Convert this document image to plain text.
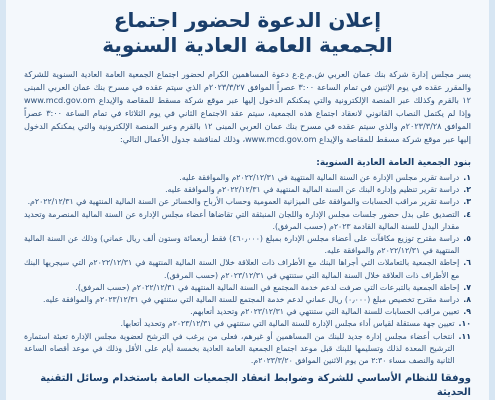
إعلان الدعوة لحضور اجتماع
الجمعية العامة العادية السنوية

يسر مجلس إدارة شركة بنك عمان العربي ش.م.ع.ع دعوة المساهمين الكرام لحضور اجتماع الجمعية العامة العادية السنوية للشركة والمقرر عقده في يوم الإثنين في تمام الساعة ٣:٠٠ عصراً الموافق ٢٠٢٣/٣/٢٧م الذي سيتم عقده في مسرح بنك عمان العربي المبنى ١٢ بالقرم وكذلك عبر المنصة الإلكترونية والتي يمكنكم الدخول إليها عبر موقع شركة مسقط للمقاصة والإيداع www.mcd.gov.om وإذا لم يكتمل النصاب القانوني لانعقاد اجتماع هذه الجمعية، سيتم عقد الاجتماع الثاني في يوم الثلاثاء في تمام الساعة ٣:٠٠ عصراً الموافق ٢٠٢٣/٣/٢٨م والذي سيتم عقده في مسرح بنك عمان العربي المبنى ١٢ بالقرم وعبر المنصة الإلكترونية والتي يمكنكم الدخول إليها عبر موقع شركة مسقط للمقاصة والإيداع www.mcd.gov.om، وذلك لمناقشة جدول الأعمال التالي:

بنود الجمعية العامة العادية السنوية:
١.
دراسة تقرير مجلس الإدارة عن السنة المالية المنتهية في ٢٠٢٢/١٢/٣١م والموافقة عليه.
٢.
دراسة تقرير تنظيم وإدارة البنك عن السنة المالية المنتهية في ٢٠٢٢/١٢/٣١م والموافقة عليه.
٣.
دراسة تقرير مراقب الحسابات والموافقة على الميزانية العمومية وحساب الأرباح والخسائر عن السنة المالية المنتهية في ٢٠٢٢/١٢/٣١م.
٤.
التصديق على بدل حضور جلسات مجلس الإدارة واللجان المنبثقة التي تقاضاها أعضاء مجلس الإدارة عن السنة المالية المنصرمة وتحديد مقدار البدل للسنة المالية القادمة ٢٠٢٣م (حسب المرفق).
٥.
دراسة مقترح توزيع مكافآت على أعضاء مجلس الإدارة بمبلغ (٤٦٠٫٠٠٠) فقط أربعمائة وستون ألف ريال عماني) وذلك عن السنة المالية المنتهية في ٢٠٢٢/١٢/٣١م والموافقة عليه.
٦.
إحاطة الجمعية بالتعاملات التي أجراها البنك مع الأطراف ذات العلاقة خلال السنة المالية المنتهية في ٢٠٢٢/١٢/٣١م التي سيجريها البنك مع الأطراف ذات العلاقة خلال السنة المالية التي ستنتهي في ٢٠٢٣/١٢/٣١م (حسب المرفق).
٧.
إحاطة الجمعية بالتبرعات التي صرفت لدعم خدمة المجتمع في السنة المالية المنتهية في ٢٠٢٢/١٢/٣١م (حسب المرفق).
٨.
دراسة مقترح تخصيص مبلغ (٠٫٠٠٠) ريال عماني لدعم خدمة المجتمع للسنة المالية التي ستنتهي في ٢٠٢٣/١٢/٣١م والموافقة عليه.
٩.
تعيين مراقب الحسابات للسنة المالية التي ستنتهي في ٢٠٢٣/١٢/٣١م وتحديد أتعابهم.
١٠.
تعيين جهة مستقلة لقياس أداء مجلس الإدارة للسنة المالية التي ستنتهي في ٢٠٢٣/١٢/٣١م وتحديد أتعابها.
١١.
انتخاب أعضاء مجلس إدارة جديد للبنك من المساهمين أو غيرهم، فعلى من يرغب في الترشح لعضوية مجلس الإدارة تعبئة استمارة الترشيح المعدة لذلك وتسليمها للبنك قبل موعد اجتماع الجمعية العامة العادية بخمسة أيام على الأقل وذلك في موعد أقصاه الساعة الثانية والنصف مساء ٢:٣٠ من يوم الاثنين الموافق ٢٠٢٣/٣/٢٠م.
ووفقا للنظام الأساسي للشركة وضوابط انعقاد الجمعيات العامة باستخدام وسائل التقنية الحديثة
